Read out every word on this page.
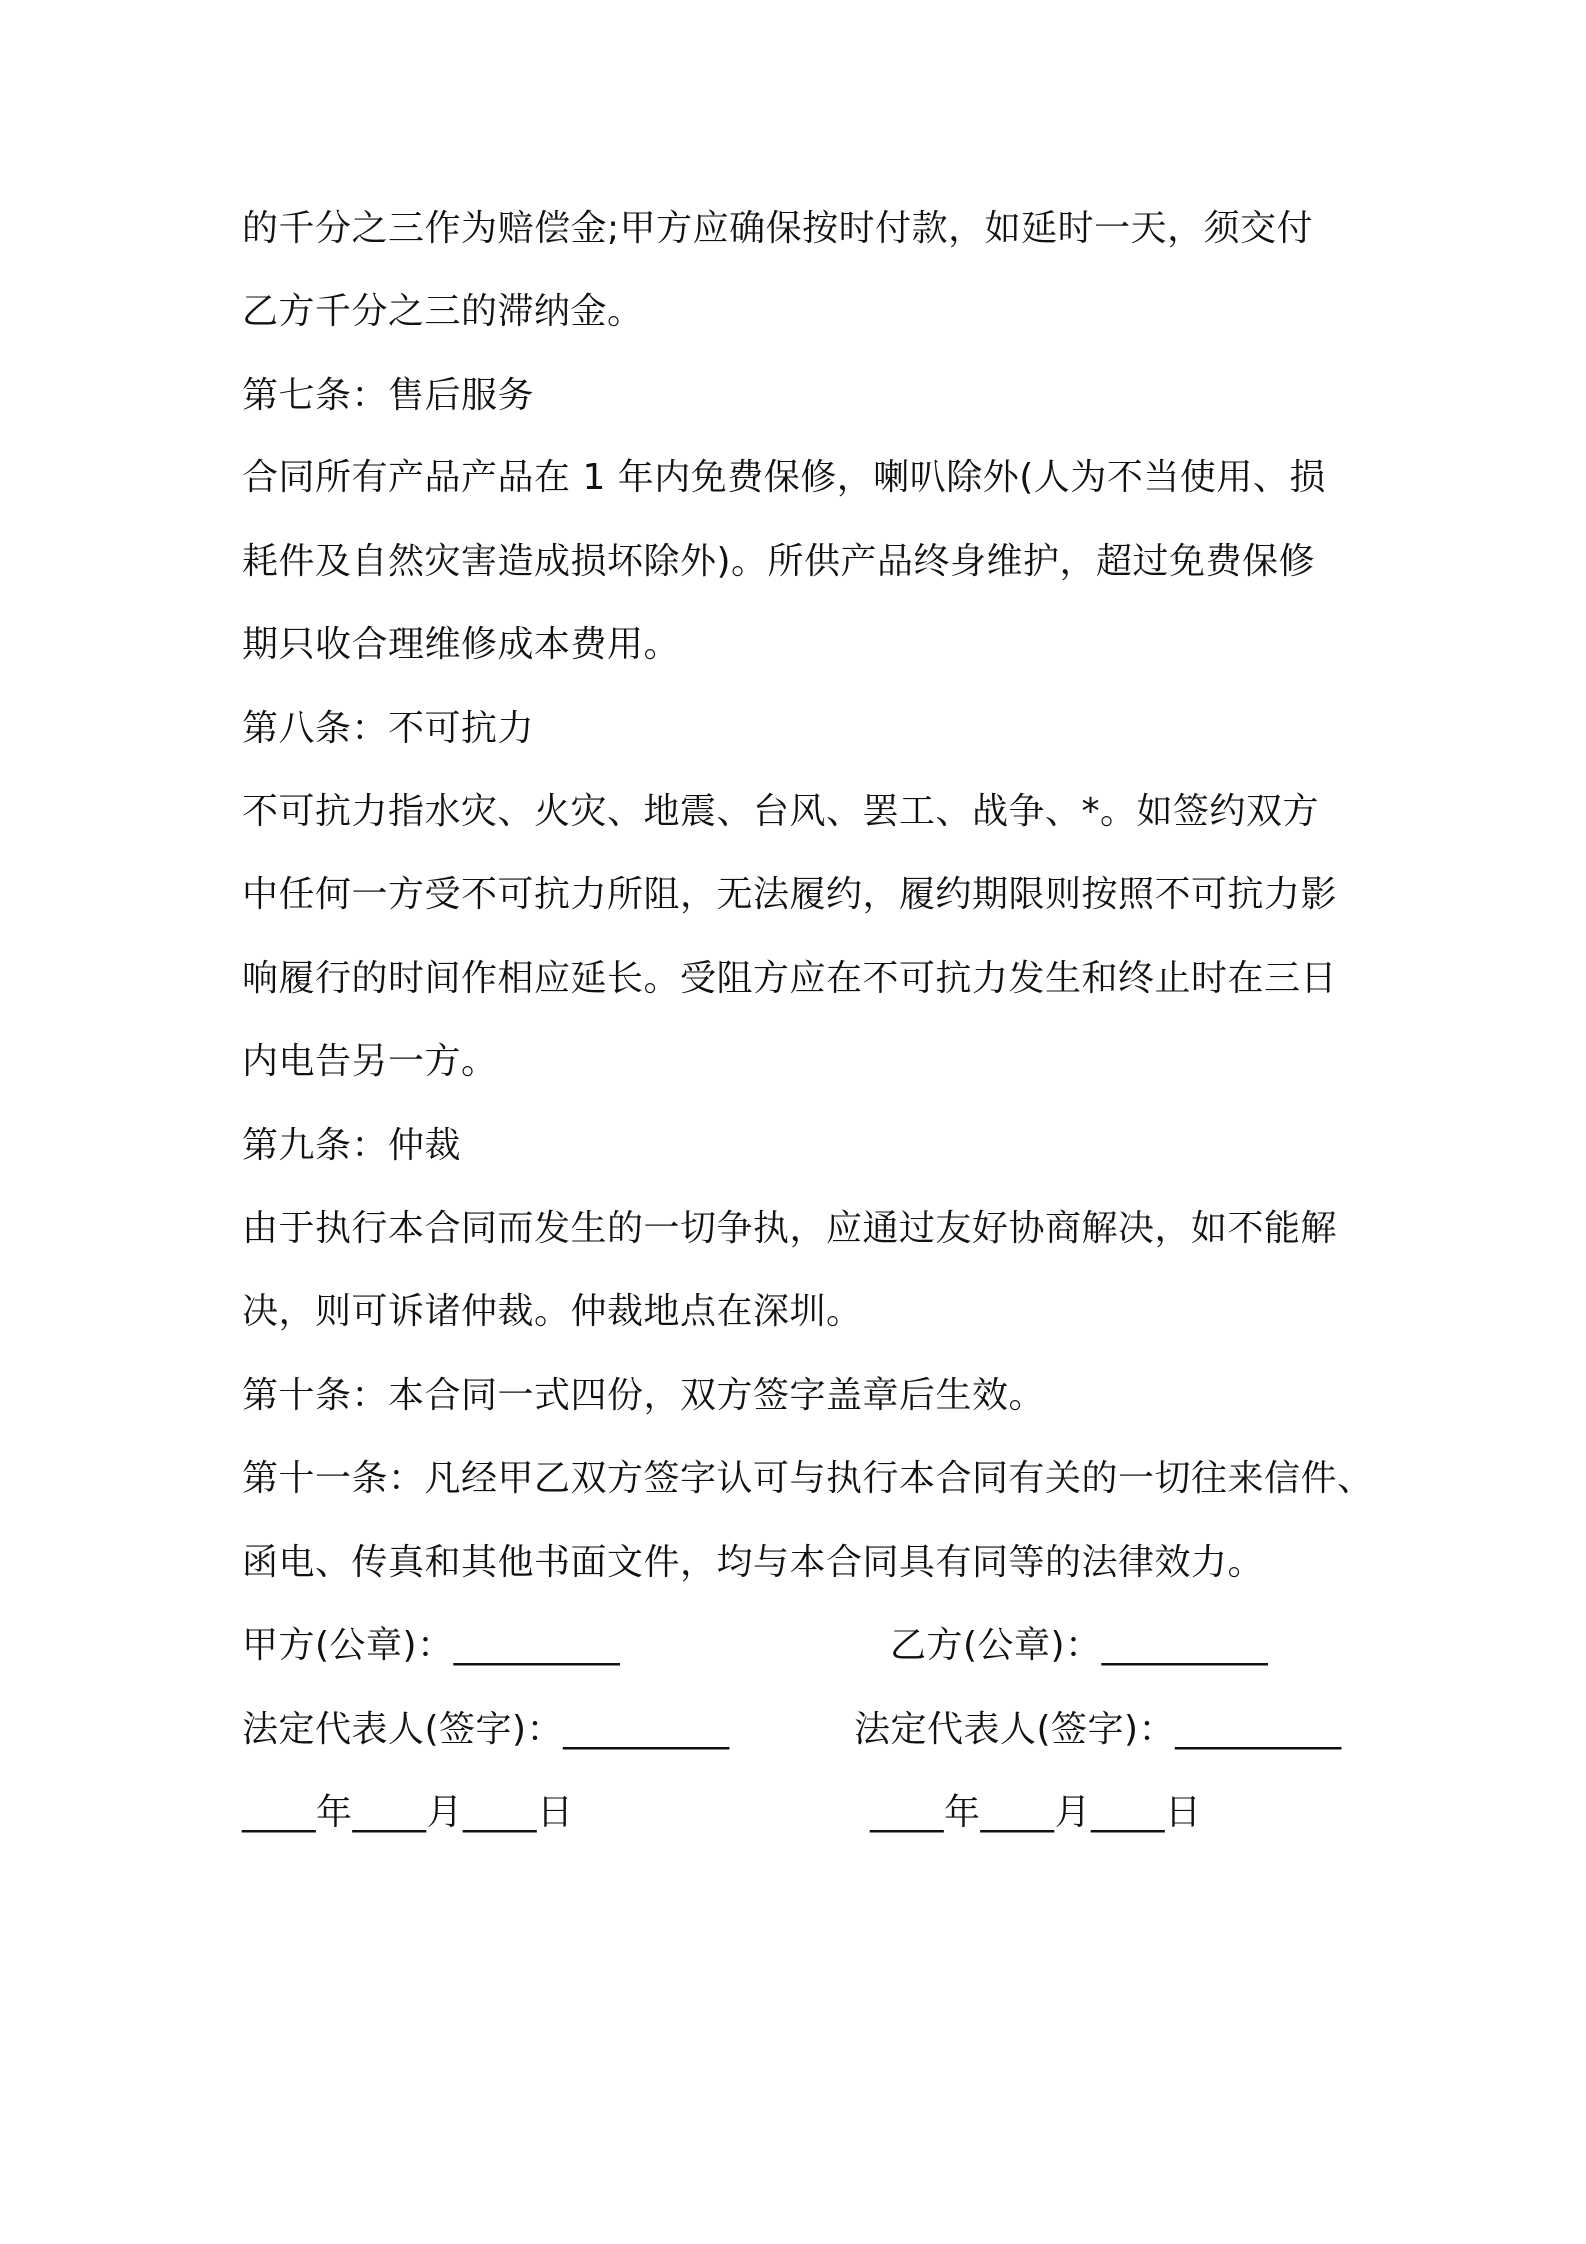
的千分之三作为赔偿金;甲方应确保按时付款，如延时一天，须交付
乙方千分之三的滞纳金。
第七条：售后服务
合同所有产品产品在 1 年内免费保修，喇叭除外(人为不当使用、损
耗件及自然灾害造成损坏除外)。所供产品终身维护，超过免费保修
期只收合理维修成本费用。
第八条：不可抗力
不可抗力指水灾、火灾、地震、台风、罢工、战争、*。如签约双方
中任何一方受不可抗力所阻，无法履约，履约期限则按照不可抗力影
响履行的时间作相应延长。受阻方应在不可抗力发生和终止时在三日
内电告另一方。
第九条：仲裁
由于执行本合同而发生的一切争执，应通过友好协商解决，如不能解
决，则可诉诸仲裁。仲裁地点在深圳。
第十条：本合同一式四份，双方签字盖章后生效。
第十一条：凡经甲乙双方签字认可与执行本合同有关的一切往来信件、
函电、传真和其他书面文件，均与本合同具有同等的法律效力。
甲方(公章)：_________	乙方(公章)：_________
法定代表人(签字)：_________	法定代表人(签字)：_________
____年____月____日	____年____月____日
